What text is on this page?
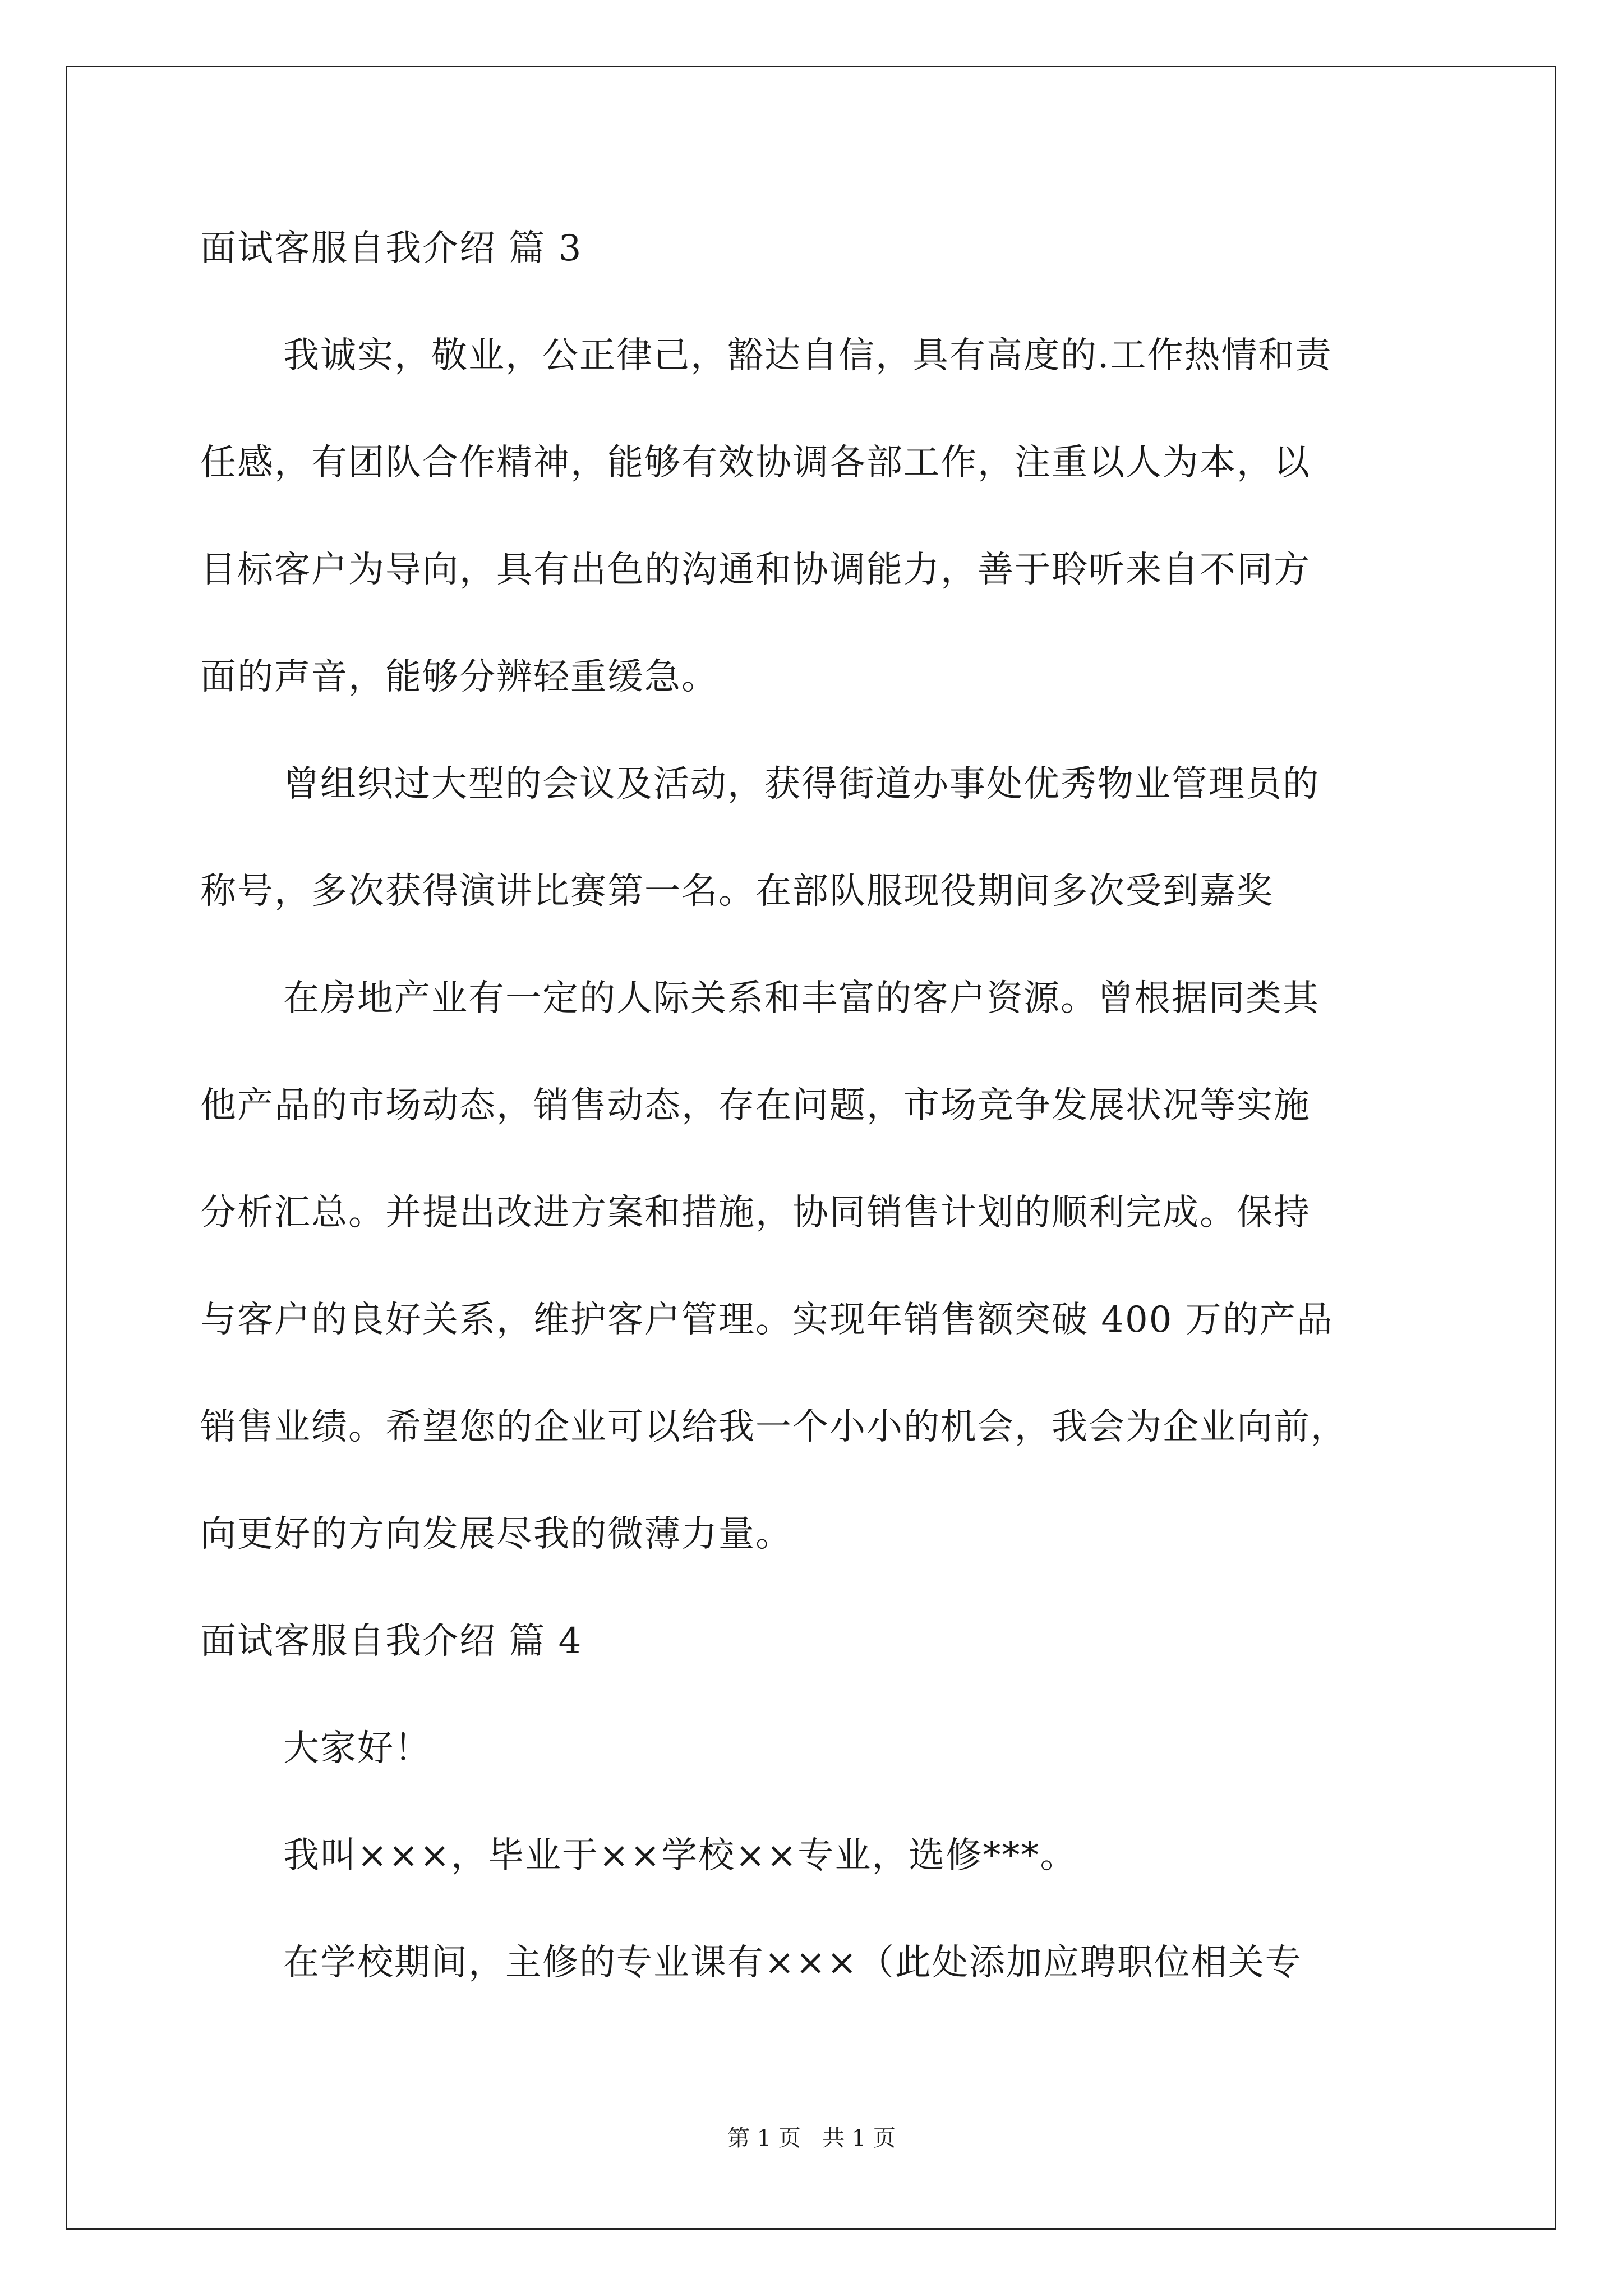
面试客服自我介绍 篇 3
我诚实，敬业，公正律己，豁达自信，具有高度的.工作热情和责
任感，有团队合作精神，能够有效协调各部工作，注重以人为本，以
目标客户为导向，具有出色的沟通和协调能力，善于聆听来自不同方
面的声音，能够分辨轻重缓急。
曾组织过大型的会议及活动，获得街道办事处优秀物业管理员的
称号，多次获得演讲比赛第一名。在部队服现役期间多次受到嘉奖
在房地产业有一定的人际关系和丰富的客户资源。曾根据同类其
他产品的市场动态，销售动态，存在问题，市场竞争发展状况等实施
分析汇总。并提出改进方案和措施，协同销售计划的顺利完成。保持
与客户的良好关系，维护客户管理。实现年销售额突破 400 万的产品
销售业绩。希望您的企业可以给我一个小小的机会，我会为企业向前，
向更好的方向发展尽我的微薄力量。
面试客服自我介绍 篇 4
大家好！
我叫×××，毕业于××学校××专业，选修***。
在学校期间，主修的专业课有×××（此处添加应聘职位相关专
第 1 页   共 1 页
